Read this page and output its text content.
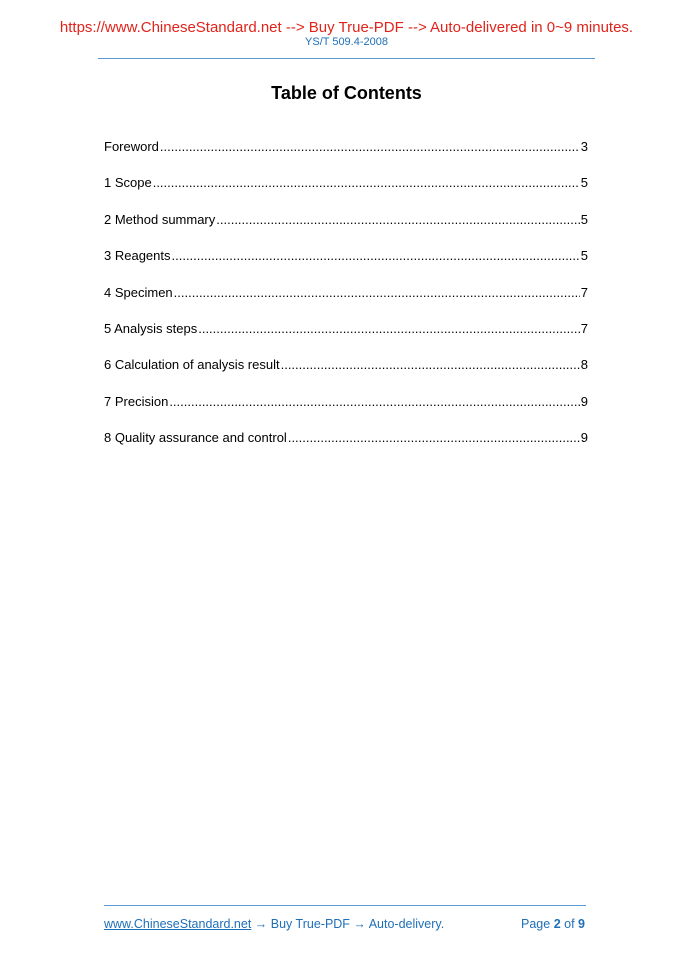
https://www.ChineseStandard.net --> Buy True-PDF --> Auto-delivered in 0~9 minutes.
YS/T 509.4-2008
Table of Contents
Foreword .....	3
1 Scope .....	5
2 Method summary .....	5
3 Reagents .....	5
4 Specimen .....	7
5 Analysis steps .....	7
6 Calculation of analysis result .....	8
7 Precision .....	9
8 Quality assurance and control .....	9
www.ChineseStandard.net → Buy True-PDF → Auto-delivery.	Page 2 of 9
